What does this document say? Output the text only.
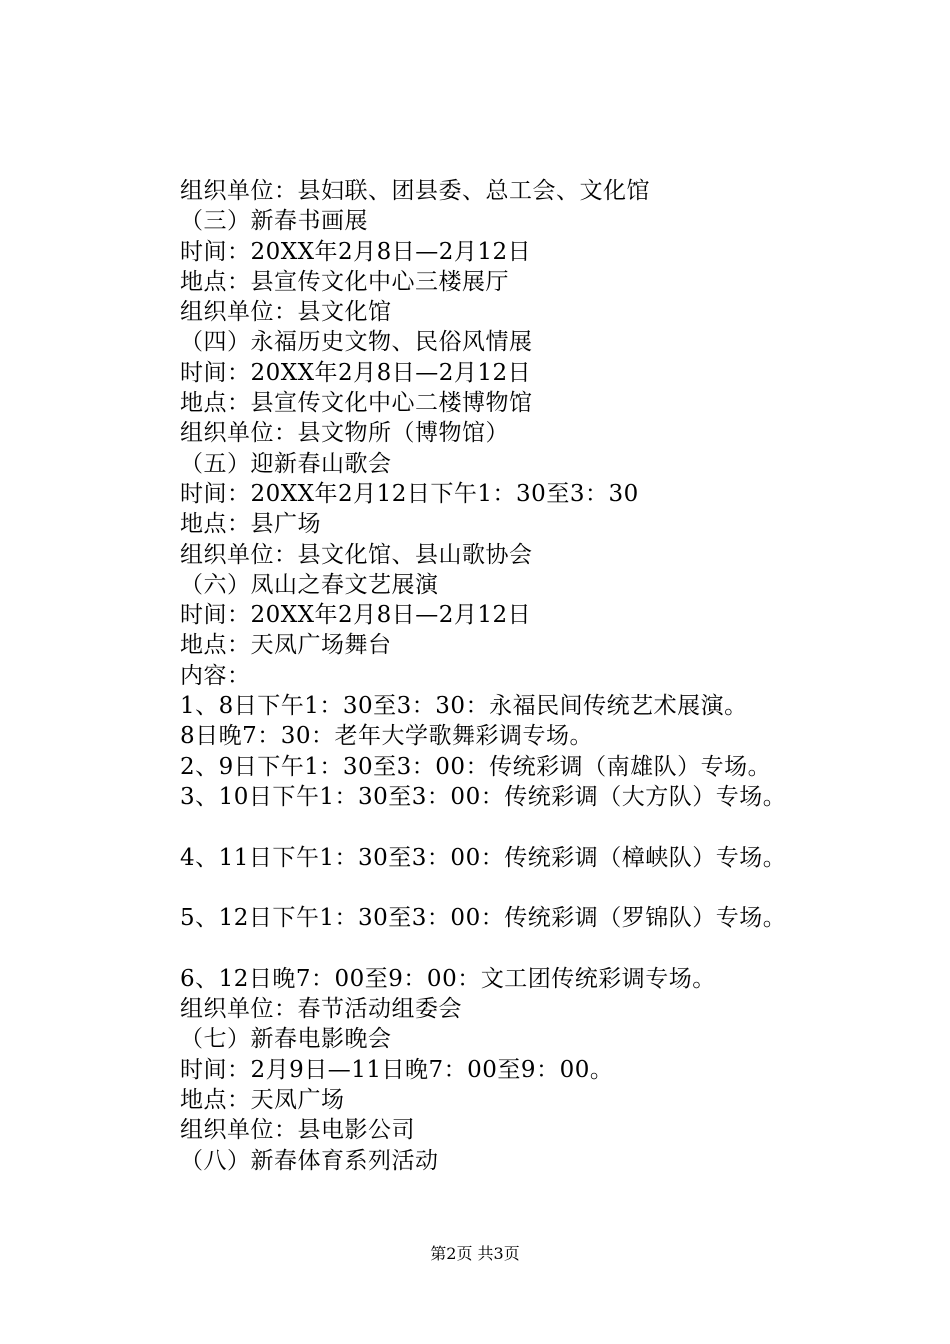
组织单位：县妇联、团县委、总工会、文化馆
（三）新春书画展
时间：20XX年2月8日—2月12日
地点：县宣传文化中心三楼展厅
组织单位：县文化馆
（四）永福历史文物、民俗风情展
时间：20XX年2月8日—2月12日
地点：县宣传文化中心二楼博物馆
组织单位：县文物所（博物馆）
（五）迎新春山歌会
时间：20XX年2月12日下午1：30至3：30
地点：县广场
组织单位：县文化馆、县山歌协会
（六）凤山之春文艺展演
时间：20XX年2月8日—2月12日
地点：天凤广场舞台
内容：
1、8日下午1：30至3：30：永福民间传统艺术展演。
8日晚7：30：老年大学歌舞彩调专场。
2、9日下午1：30至3：00：传统彩调（南雄队）专场。
3、10日下午1：30至3：00：传统彩调（大方队）专场。
4、11日下午1：30至3：00：传统彩调（樟峡队）专场。
5、12日下午1：30至3：00：传统彩调（罗锦队）专场。
6、12日晚7：00至9：00：文工团传统彩调专场。
组织单位：春节活动组委会
（七）新春电影晚会
时间：2月9日—11日晚7：00至9：00。
地点：天凤广场
组织单位：县电影公司
（八）新春体育系列活动
第2页 共3页
